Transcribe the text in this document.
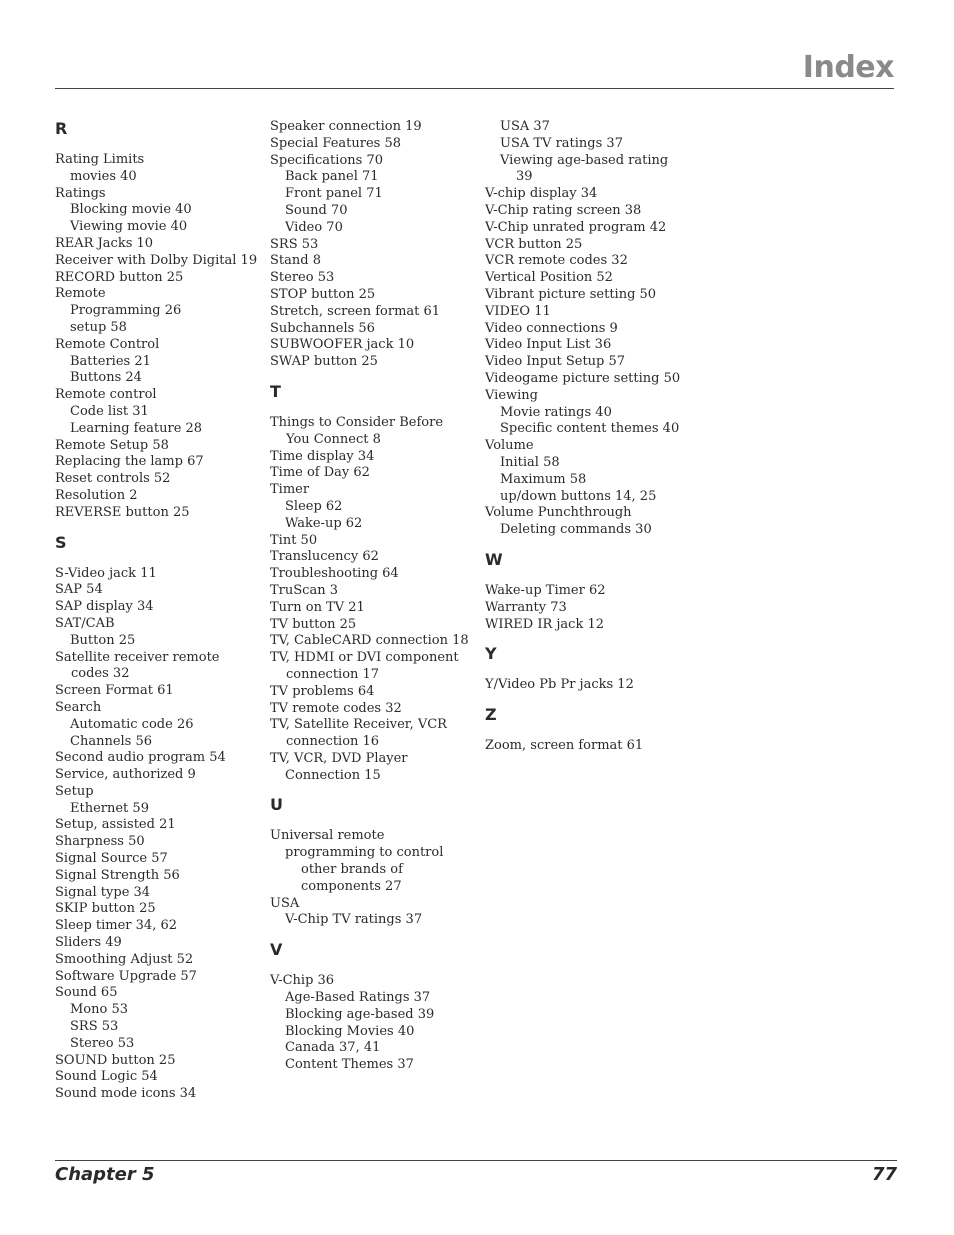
Index
R
Rating Limits
movies 40
Ratings
Blocking movie 40
Viewing movie 40
REAR Jacks 10
Receiver with Dolby Digital 19
RECORD button 25
Remote
Programming 26
setup 58
Remote Control
Batteries 21
Buttons 24
Remote control
Code list 31
Learning feature 28
Remote Setup 58
Replacing the lamp 67
Reset controls 52
Resolution 2
REVERSE button 25
S
S-Video jack 11
SAP 54
SAP display 34
SAT/CAB
Button 25
Satellite receiver remote codes 32
Screen Format 61
Search
Automatic code 26
Channels 56
Second audio program 54
Service, authorized 9
Setup
Ethernet 59
Setup, assisted 21
Sharpness 50
Signal Source 57
Signal Strength 56
Signal type 34
SKIP button 25
Sleep timer 34, 62
Sliders 49
Smoothing Adjust 52
Software Upgrade 57
Sound 65
Mono 53
SRS 53
Stereo 53
SOUND button 25
Sound Logic 54
Sound mode icons 34
Speaker connection 19
Special Features 58
Specifications 70
Back panel 71
Front panel 71
Sound 70
Video 70
SRS 53
Stand 8
Stereo 53
STOP button 25
Stretch, screen format 61
Subchannels 56
SUBWOOFER jack 10
SWAP button 25
T
Things to Consider Before You Connect 8
Time display 34
Time of Day 62
Timer
Sleep 62
Wake-up 62
Tint 50
Translucency 62
Troubleshooting 64
TruScan 3
Turn on TV 21
TV button 25
TV, CableCARD connection 18
TV, HDMI or DVI component connection 17
TV problems 64
TV remote codes 32
TV, Satellite Receiver, VCR connection 16
TV, VCR, DVD Player
Connection 15
U
Universal remote
programming to control other brands of components 27
USA
V-Chip TV ratings 37
V
V-Chip 36
Age-Based Ratings 37
Blocking age-based 39
Blocking Movies 40
Canada 37, 41
Content Themes 37
USA 37
USA TV ratings 37
Viewing age-based rating 39
V-chip display 34
V-Chip rating screen 38
V-Chip unrated program 42
VCR button 25
VCR remote codes 32
Vertical Position 52
Vibrant picture setting 50
VIDEO 11
Video connections 9
Video Input List 36
Video Input Setup 57
Videogame picture setting 50
Viewing
Movie ratings 40
Specific content themes 40
Volume
Initial 58
Maximum 58
up/down buttons 14, 25
Volume Punchthrough
Deleting commands 30
W
Wake-up Timer 62
Warranty 73
WIRED IR jack 12
Y
Y/Video Pb Pr jacks 12
Z
Zoom, screen format 61
Chapter 5	77
